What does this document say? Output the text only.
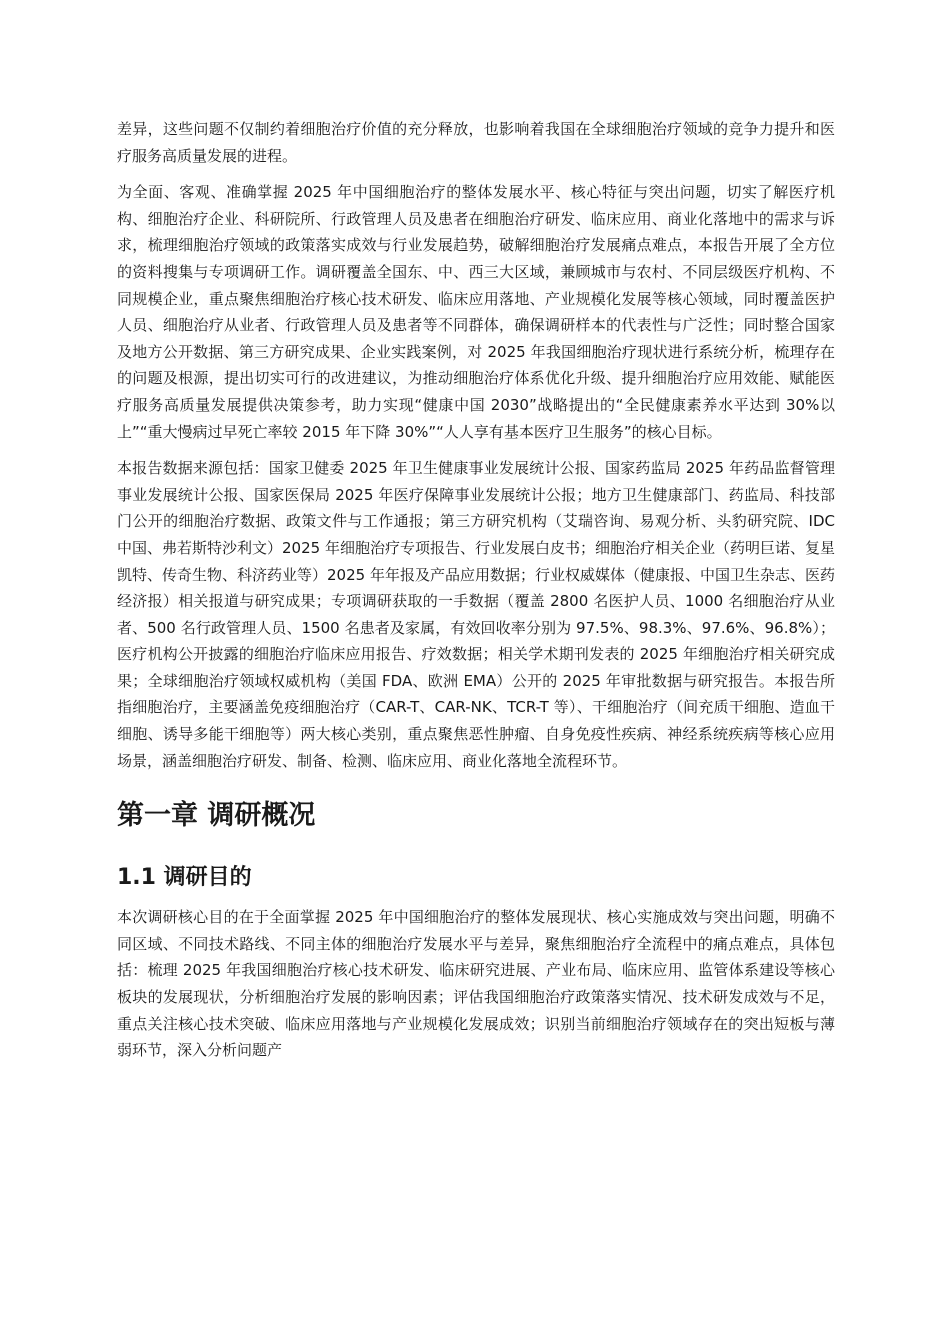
差异，这些问题不仅制约着细胞治疗价值的充分释放，也影响着我国在全球细胞治疗领域的竞争力提升和医疗服务高质量发展的进程。

为全面、客观、准确掌握 2025 年中国细胞治疗的整体发展水平、核心特征与突出问题，切实了解医疗机构、细胞治疗企业、科研院所、行政管理人员及患者在细胞治疗研发、临床应用、商业化落地中的需求与诉求，梳理细胞治疗领域的政策落实成效与行业发展趋势，破解细胞治疗发展痛点难点，本报告开展了全方位的资料搜集与专项调研工作。调研覆盖全国东、中、西三大区域，兼顾城市与农村、不同层级医疗机构、不同规模企业，重点聚焦细胞治疗核心技术研发、临床应用落地、产业规模化发展等核心领域，同时覆盖医护人员、细胞治疗从业者、行政管理人员及患者等不同群体，确保调研样本的代表性与广泛性；同时整合国家及地方公开数据、第三方研究成果、企业实践案例，对 2025 年我国细胞治疗现状进行系统分析，梳理存在的问题及根源，提出切实可行的改进建议，为推动细胞治疗体系优化升级、提升细胞治疗应用效能、赋能医疗服务高质量发展提供决策参考，助力实现“健康中国 2030”战略提出的“全民健康素养水平达到 30%以上”“重大慢病过早死亡率较 2015 年下降 30%”“人人享有基本医疗卫生服务”的核心目标。

本报告数据来源包括：国家卫健委 2025 年卫生健康事业发展统计公报、国家药监局 2025 年药品监督管理事业发展统计公报、国家医保局 2025 年医疗保障事业发展统计公报；地方卫生健康部门、药监局、科技部门公开的细胞治疗数据、政策文件与工作通报；第三方研究机构（艾瑞咨询、易观分析、头豹研究院、IDC 中国、弗若斯特沙利文）2025 年细胞治疗专项报告、行业发展白皮书；细胞治疗相关企业（药明巨诺、复星凯特、传奇生物、科济药业等）2025 年年报及产品应用数据；行业权威媒体（健康报、中国卫生杂志、医药经济报）相关报道与研究成果；专项调研获取的一手数据（覆盖 2800 名医护人员、1000 名细胞治疗从业者、500 名行政管理人员、1500 名患者及家属，有效回收率分别为 97.5%、98.3%、97.6%、96.8%）；医疗机构公开披露的细胞治疗临床应用报告、疗效数据；相关学术期刊发表的 2025 年细胞治疗相关研究成果；全球细胞治疗领域权威机构（美国 FDA、欧洲 EMA）公开的 2025 年审批数据与研究报告。本报告所指细胞治疗，主要涵盖免疫细胞治疗（CAR-T、CAR-NK、TCR-T 等）、干细胞治疗（间充质干细胞、造血干细胞、诱导多能干细胞等）两大核心类别，重点聚焦恶性肿瘤、自身免疫性疾病、神经系统疾病等核心应用场景，涵盖细胞治疗研发、制备、检测、临床应用、商业化落地全流程环节。

第一章 调研概况
1.1 调研目的

本次调研核心目的在于全面掌握 2025 年中国细胞治疗的整体发展现状、核心实施成效与突出问题，明确不同区域、不同技术路线、不同主体的细胞治疗发展水平与差异，聚焦细胞治疗全流程中的痛点难点，具体包括：梳理 2025 年我国细胞治疗核心技术研发、临床研究进展、产业布局、临床应用、监管体系建设等核心板块的发展现状，分析细胞治疗发展的影响因素；评估我国细胞治疗政策落实情况、技术研发成效与不足，重点关注核心技术突破、临床应用落地与产业规模化发展成效；识别当前细胞治疗领域存在的突出短板与薄弱环节，深入分析问题产
